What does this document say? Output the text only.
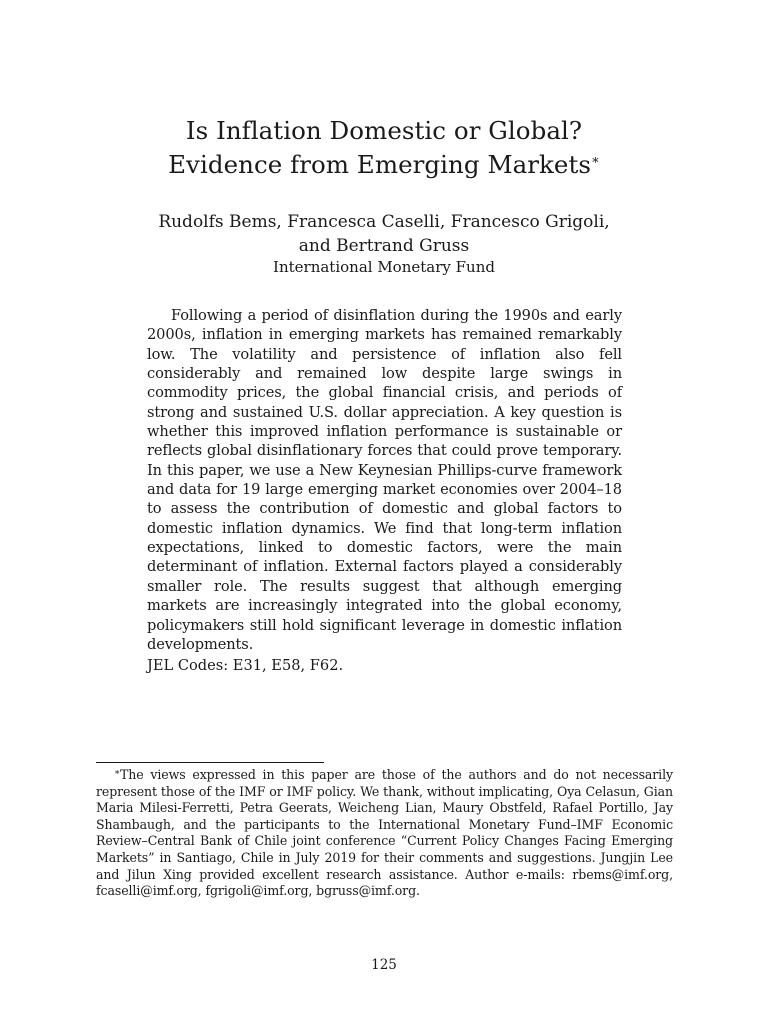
Is Inflation Domestic or Global?
Evidence from Emerging Markets∗
Rudolfs Bems, Francesca Caselli, Francesco Grigoli,
and Bertrand Gruss
International Monetary Fund

Following a period of disinflation during the 1990s and early 2000s, inflation in emerging markets has remained remarkably low. The volatility and persistence of inflation also fell considerably and remained low despite large swings in commodity prices, the global financial crisis, and periods of strong and sustained U.S. dollar appreciation. A key question is whether this improved inflation performance is sustainable or reflects global disinflationary forces that could prove temporary. In this paper, we use a New Keynesian Phillips-curve framework and data for 19 large emerging market economies over 2004–18 to assess the contribution of domestic and global factors to domestic inflation dynamics. We find that long-term inflation expectations, linked to domestic factors, were the main determinant of inflation. External factors played a considerably smaller role. The results suggest that although emerging markets are increasingly integrated into the global economy, policymakers still hold significant leverage in domestic inflation developments.

JEL Codes: E31, E58, F62.

∗The views expressed in this paper are those of the authors and do not necessarily represent those of the IMF or IMF policy. We thank, without implicating, Oya Celasun, Gian Maria Milesi-Ferretti, Petra Geerats, Weicheng Lian, Maury Obstfeld, Rafael Portillo, Jay Shambaugh, and the participants to the International Monetary Fund–IMF Economic Review–Central Bank of Chile joint conference “Current Policy Changes Facing Emerging Markets” in Santiago, Chile in July 2019 for their comments and suggestions. Jungjin Lee and Jilun Xing provided excellent research assistance. Author e-mails: rbems@imf.org, fcaselli@imf.org, fgrigoli@imf.org, bgruss@imf.org.

125
